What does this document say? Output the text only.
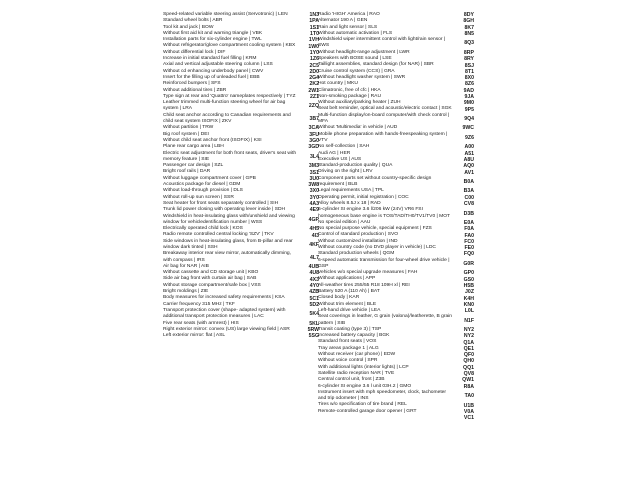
Speed-related variable steering assist (Servotronic) | LEN	1N3
Standard wheel bolts | ABR	1PA
Tool kit and jack | BOW	1S1
Without first aid kit and warning triangle | VBK	1T0
Installation parts for six-cylinder engine | TWL	1VH
Without refrigerator/glove compartment cooling system | KBX	1W0
Without differential lock | DIF	1Y0
Increase in initial standard fuel filling | KRM	1Z6
Axial and vertical adjustable steering column | LSS	2C5
Without cd enhancing underbody panel | CWV	2D0
Insert for the filling up of unleaded fuel | EBB	2G4
Reinforced bumpers | SFS	2K2
Without additional tires | ZBR	2W1
Type sign at rear and 'Quattro' nameplates respectively | TYZ	2Z1
Leather trimmed multi-function steering wheel for air bag system | LRA	2ZQ
Child seat anchor according to Canadian requirements and child seat system ISOFIX | ZKV	3B7
Without partition | TRW	3CA
Big roof system | DEI	3FU
Without child seat anchor front (ISOFIX) | KSI	3G0
Plane rear cargo area | LBH	3GD
Electric seat adjustment for both front seats, driver's seat with memory feature | SIE	3L4
Passenger car design | SZL	3M3
Bright roof rails | DAR	3S1
Without luggage compartment cover | GPB	3U0
Acoustics package for diesel | GDM	3W8
Without load-through provision | DLS	3X0
Without roll-up sun screen | SSR	3Y0
Seat heater for front seats separately controlled | SIH	4A3
Trunk lid power closing with operating lever inside | SDH	4E9
Windshield in heat-insulating glass with/unshield and viewing window for vehicledentification number | WSS	4GP
Electrically operated child lock | KOS	4H5
Radio remote controlled central locking 'SZV' | TKV	4I3
Side windows in heat-insulating glass, from B-pillar and rear window dark tinted | SSH	4KF
Breakaway interior rear view mirror, automatically dimming, with compass | IRS	4L7
Air bag for NAR | AIB	4UB
Without cassette and CD storage unit | KBO	4U8
Side air bag front with curtain air bag | SAB	4X3
Without storage compartment/safe box | VSS	4Y0
Bright moldings | ZIE	4ZB
Body measures for increased safety requirements | KSA	5C1
Carrier frequency 315 MHz | TKF	5D2
Transport protection cover (shape- adapted system) with additional transport protection measures | LAC	5K4
Five rear seats (with armrest) | HIS	5KL
Right exterior mirror: convex (US) large viewing field | ASR	5RW
Left exterior mirror: flat | ASL	5SG
Radio 'HIGH' America | RAO	8DY
Alternator 190 A | GEN	8GH
Rain and light sensor | SLS	8K7
Without automatic activation | FLS	8N5
Windshield wiper intermittent control with light/rain sensor | SWS	8Q3
Without headlight-range adjustment | LWR	8RP
Speakers with BOSE sound | LSE	8RY
Taillight assemblies, standard design (for NAR) | SBR	8SJ
Cruise control system (CCS) | GRA	8T1
Without headlight washer system | SWR	8X0
Hot country | MKU	8Z6
Climatronic, free of cfc | HKA	9AD
Non-smoking package | RAU	9JA
Without auxiliary/parking heater | ZUH	9M0
Seat belt reminder, optical and acoustic/electric contact | SGK	9P5
Multi-function display/on-board computer/with check control | MFA	9Q4
Without 'Multimedia' in vehicle | AUD	9WC
Mobile phone preparation with hands-freespeaking system | VTV	9Z6
No self-collection | SAH	A00
Audi AG | HER	A51
Executive US | AUS	A8U
Standard-production quality | QUA	AQ0
Driving on the right | LRV	AV1
Component parts set without country-specific design requirement | BLB	B0A
Legal requirements USA | TPL	B3A
Operating permit, initial registration | COC	C00
Alloy wheels 8.5J x 18 | RAD	CV8
6-cylinder SI engine 3.6 l/206 kW (24V) VR6 FSI homogeneous base engine is TOS/TAD/TH0/TV1/TV0 | MOT	D3B
No special edition | AAU	E0A
No special purpose vehicle, special equipment | FZS	F0A
Control of standard production | SVO	FA0
Without customized installation | IND	FC0
Without country code (no DVD player in vehicle) | LDC	FE0
Standard production wheels | QGM	FQ0
6-speed automatic transmission for four-wheel drive vehicle | GSP	G0R
Vehicles w/o special upgrade measures | FAH	GP0
Without applications | APP	GS0
All-weather tires 255/55 R18 109H xl | REI	H5B
Battery 520 A (110 Ah) | BAT	J0Z
Closed body | KAR	K4H
Without trim element | BLE	KN0
Left-hand drive vehicle | LEA	L0L
Seat coverings in leather, G grain (valona)/leatherette, B grain pattern | SIB	N1F
Transit coating (type 3) | TSP	NY2
Increased battery capacity | BGK	NY2
Standard front seats | VOS	Q1A
Tray areas package 1 | ALG	QE1
Without receiver (car phone) | EDW	QF0
Without voice control | SPR	QH0
With additional lights (interior lights) | LCP	QQ1
Satellite radio reception NAR | TVE	QV8
Central control unit, front | Z3B	QW1
6-cylinder SI engine 3.6 l unit 03H.2 | GMO	R8A
Instrument insert with mph speedometer, clock, tachometer and trip odometer | INS	TA0
Tires w/o specification of tire brand | REL	U1B
Remote-controlled garage door opener | GRT	V0A
VC1
